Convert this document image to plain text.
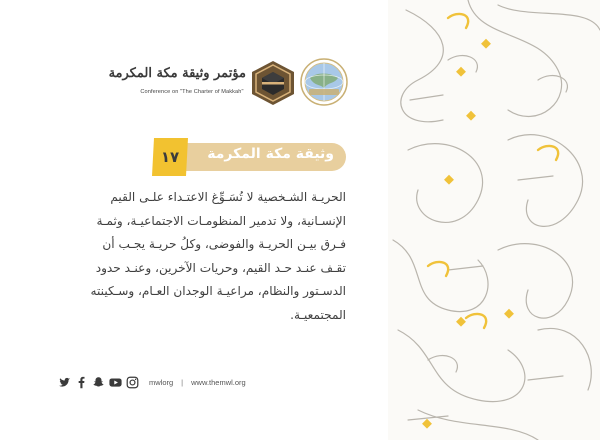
مؤتمر وثيقة مكة المكرمة
Conference on "The Charter of Makkah"
وثيقة مكة المكرمة
١٧
الحريـة الشـخصية لا تُسَـوِّغ الاعتـداء علـى القيم
الإنسـانية، ولا تدمير المنظومـات الاجتماعيـة، وثمـة
فـرق بيـن الحريـة والفوضى، وكلُ حريـة يجـب أن
تقـف عنـد حـد القيم، وحريات الآخرين، وعنـد حدود
الدسـتور والنظام، مراعيـة الوجدان العـام، وسـكينته
المجتمعيـة.
mwlorg | www.themwl.org
